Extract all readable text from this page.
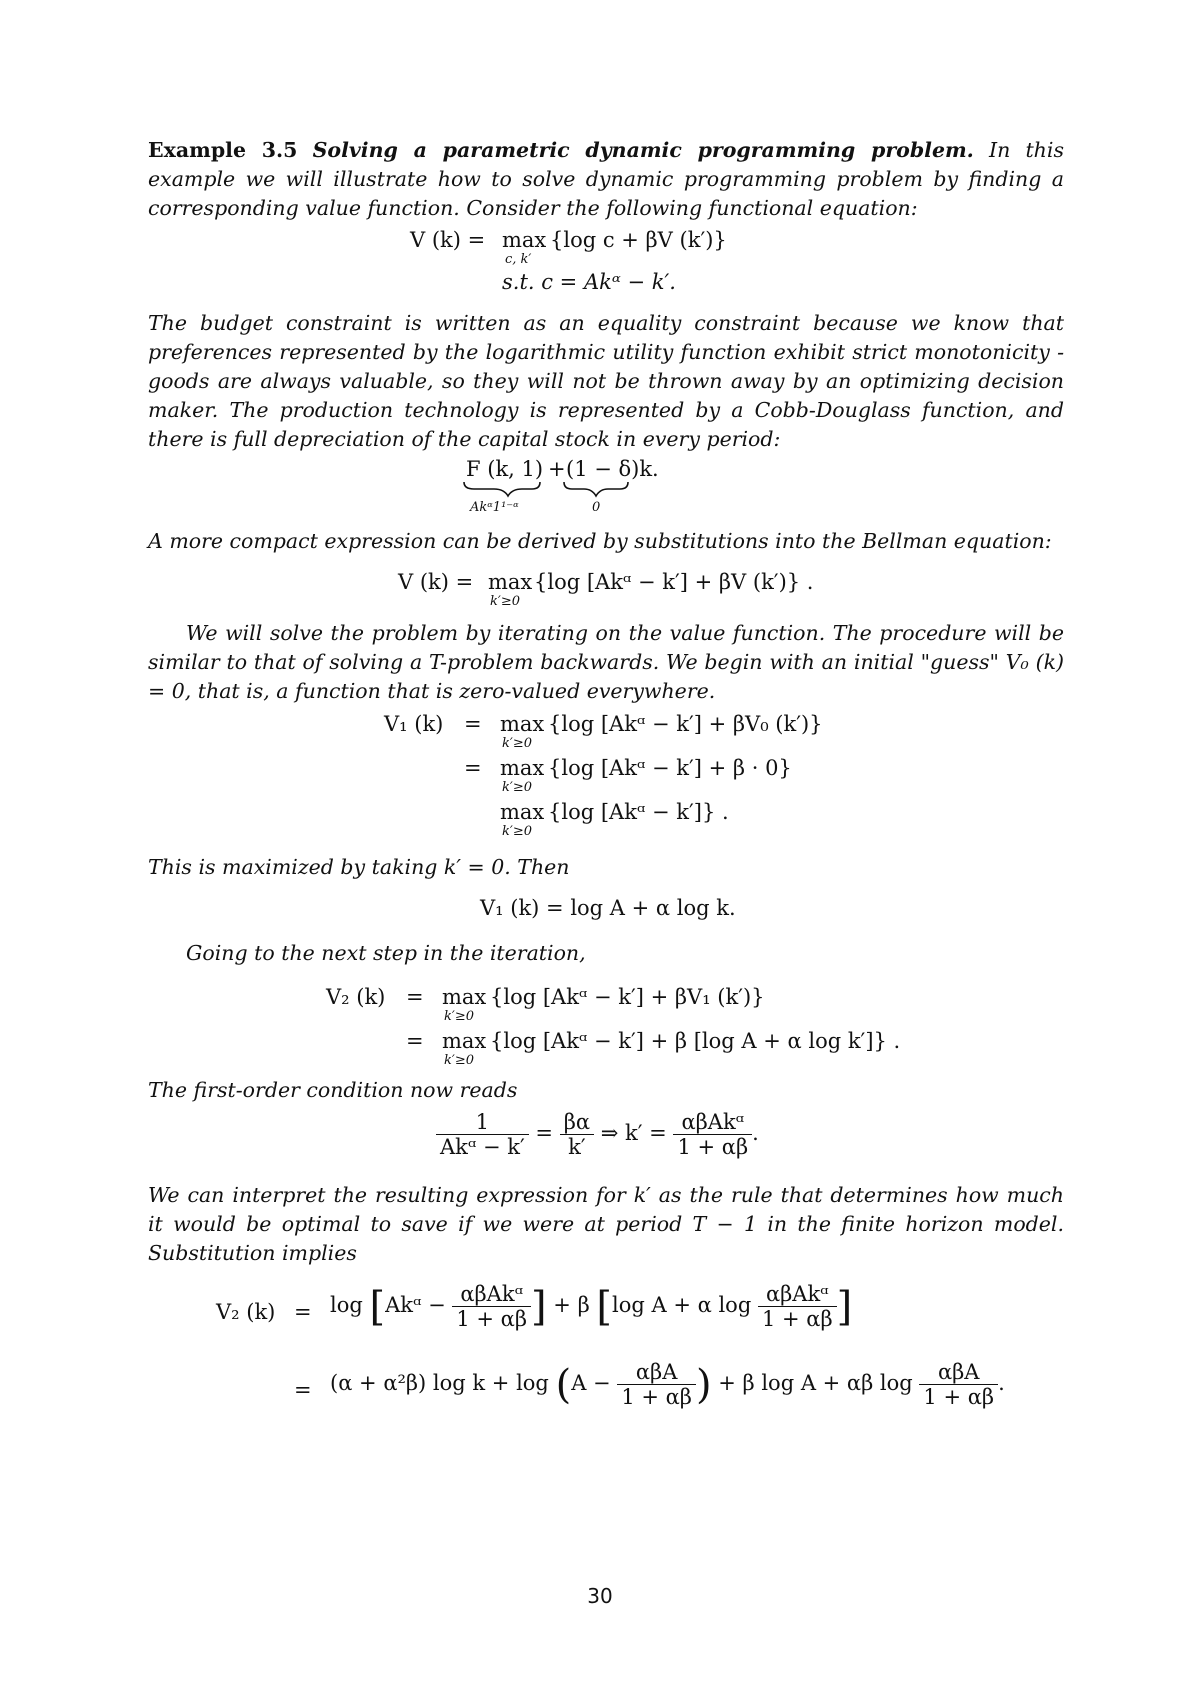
Example 3.5 Solving a parametric dynamic programming problem. In this example we will illustrate how to solve dynamic programming problem by finding a corresponding value function. Consider the following functional equation:
V (k) = max
c, k′
{log c + βV (k′)}
s.t. c = Akᵅ − k′.
The budget constraint is written as an equality constraint because we know that preferences represented by the logarithmic utility function exhibit strict monotonicity - goods are always valuable, so they will not be thrown away by an optimizing decision maker. The production technology is represented by a Cobb-Douglass function, and there is full depreciation of the capital stock in every period:
F (k, 1) + (1 − δ)k.
Akᵅ1¹⁻ᵅ	0
A more compact expression can be derived by substitutions into the Bellman equation:
V (k) = max
k′≥0
{log [Akᵅ − k′] + βV (k′)} .
We will solve the problem by iterating on the value function. The procedure will be similar to that of solving a T-problem backwards. We begin with an initial "guess" V₀ (k) = 0, that is, a function that is zero-valued everywhere.
V₁ (k) = max
k′≥0
{log [Akᵅ − k′] + βV₀ (k′)}
= max
k′≥0
{log [Akᵅ − k′] + β · 0}
max
k′≥0
{log [Akᵅ − k′]} .
This is maximized by taking k′ = 0. Then
V₁ (k) = log A + α log k.
Going to the next step in the iteration,
V₂ (k) = max
k′≥0
{log [Akᵅ − k′] + βV₁ (k′)}
= max
k′≥0
{log [Akᵅ − k′] + β [log A + α log k′]} .
The first-order condition now reads
$\frac{1}{\text{Akᵅ − k′}} = \frac{\beta\alpha}{k'}$ ⇒ $k' = \frac{\text{αβAkᵅ}}{1 + \alpha\beta}$ .
We can interpret the resulting expression for k′ as the rule that determines how much it would be optimal to save if we were at period T − 1 in the finite horizon model. Substitution implies
V₂ (k) = log [Akᵅ − $\frac{\text{αβAkᵅ}}{1 + \alpha\beta}$ ] + β [log A + α $\log \frac{\text{αβAkᵅ}}{1 + \alpha\beta}$ ]
= (α + α²β) $\log k + \log (A - \frac{\text{αβA}}{1 + \alpha\beta}$ ) + β log A + αβ $\log \frac{\text{αβA}}{1 + \alpha\beta}$ .
30
